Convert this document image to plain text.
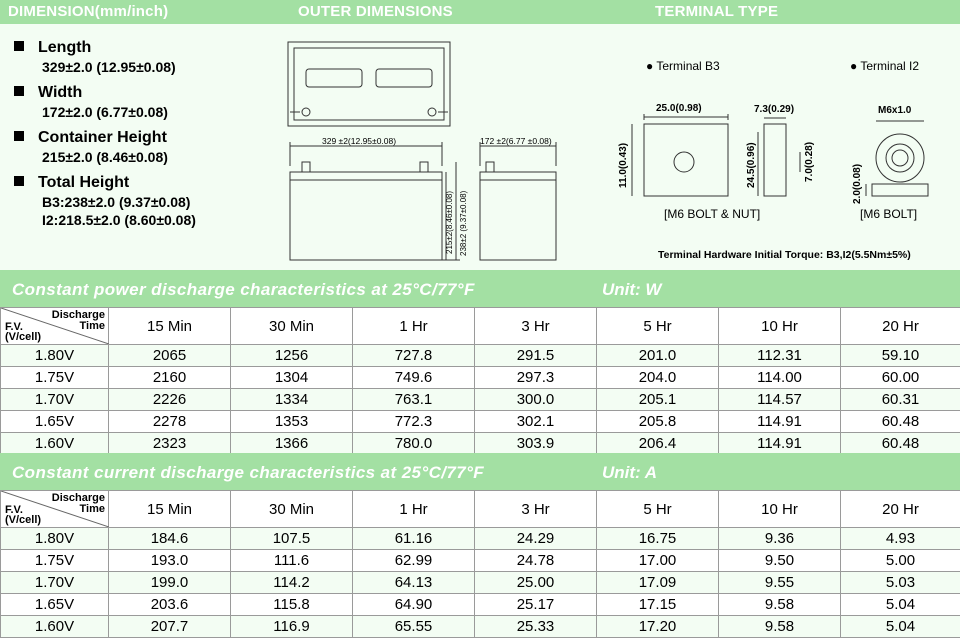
DIMENSION(mm/inch)	OUTER DIMENSIONS	TERMINAL TYPE
Length
329±2.0 (12.95±0.08)
Width
172±2.0 (6.77±0.08)
Container Height
215±2.0 (8.46±0.08)
Total Height
B3:238±2.0 (9.37±0.08)
I2:218.5±2.0 (8.60±0.08)
329 ±2(12.95±0.08)	172 ±2(6.77 ±0.08)
215±2(8.46±0.08) 238±2 (9.37±0.08)
● Terminal B3	● Terminal I2
25.0(0.98)	7.3(0.29)
11.0(0.43)	24.5(0.96)	7.0(0.28)
M6x1.0
2.0(0.08)
[M6 BOLT & NUT]	[M6 BOLT]
Terminal Hardware Initial Torque: B3,I2(5.5Nm±5%)
Constant power discharge characteristics at 25°C/77°F	Unit: W
Discharge Time
F.V. (V/cell)	15 Min	30 Min	1 Hr	3 Hr	5 Hr	10 Hr	20 Hr
1.80V	2065	1256	727.8	291.5	201.0	112.31	59.10
1.75V	2160	1304	749.6	297.3	204.0	114.00	60.00
1.70V	2226	1334	763.1	300.0	205.1	114.57	60.31
1.65V	2278	1353	772.3	302.1	205.8	114.91	60.48
1.60V	2323	1366	780.0	303.9	206.4	114.91	60.48
Constant current discharge characteristics at 25°C/77°F	Unit: A
Discharge Time
F.V. (V/cell)	15 Min	30 Min	1 Hr	3 Hr	5 Hr	10 Hr	20 Hr
1.80V	184.6	107.5	61.16	24.29	16.75	9.36	4.93
1.75V	193.0	111.6	62.99	24.78	17.00	9.50	5.00
1.70V	199.0	114.2	64.13	25.00	17.09	9.55	5.03
1.65V	203.6	115.8	64.90	25.17	17.15	9.58	5.04
1.60V	207.7	116.9	65.55	25.33	17.20	9.58	5.04
